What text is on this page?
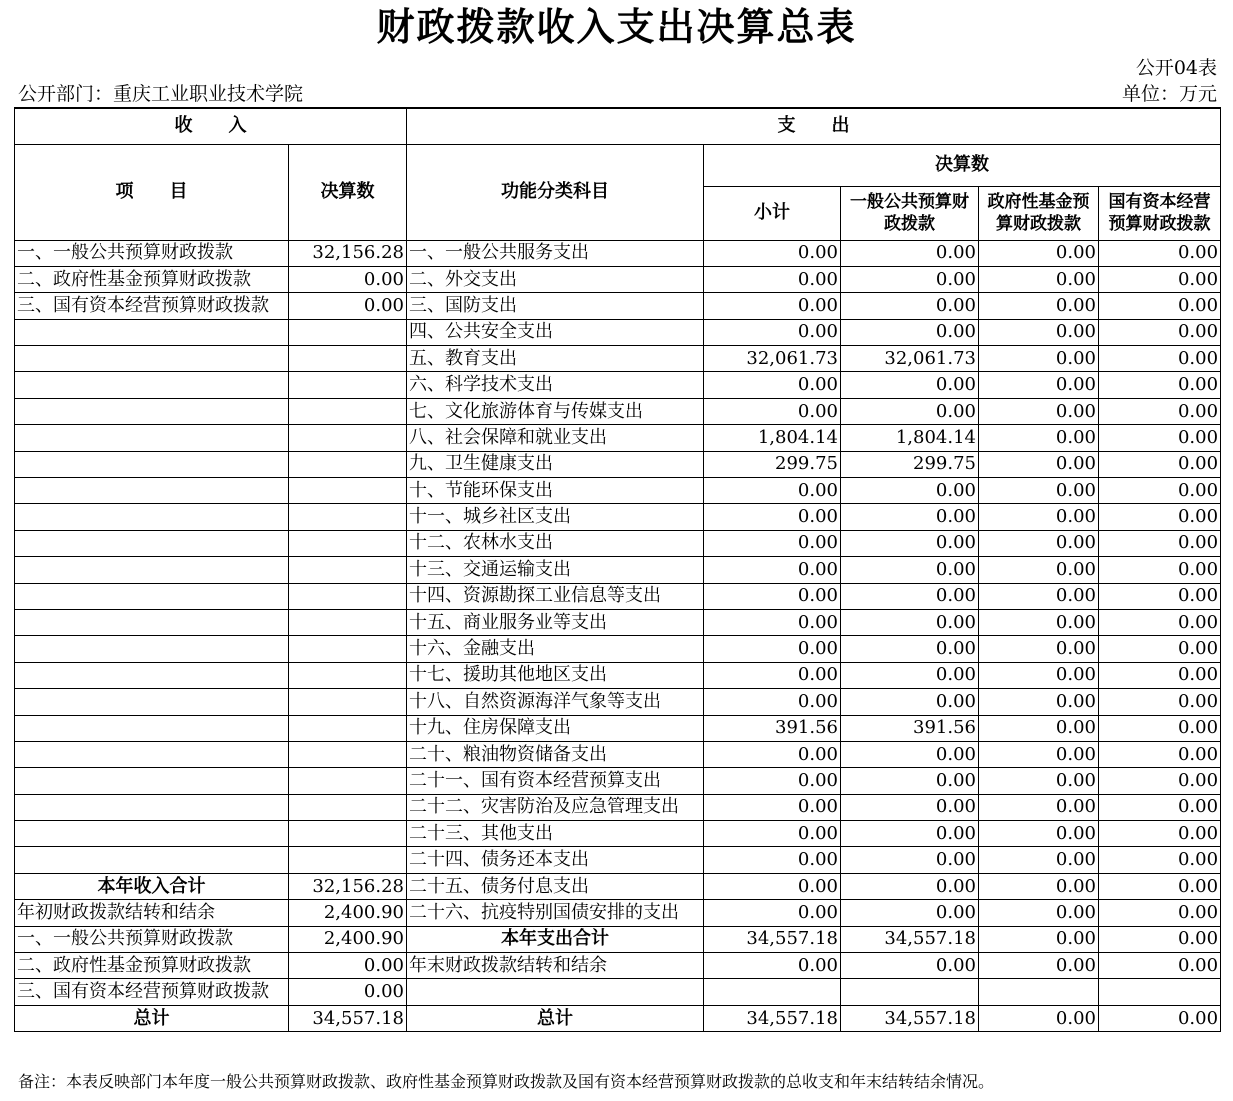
财政拨款收入支出决算总表
公开04表
公开部门：重庆工业职业技术学院	单位：万元
收　　入		支　　出				
项　　目	决算数	功能分类科目	决算数			
			小计	一般公共预算财政拨款	政府性基金预算财政拨款	国有资本经营预算财政拨款
一、一般公共预算财政拨款	32,156.28	一、一般公共服务支出	0.00	0.00	0.00	0.00
二、政府性基金预算财政拨款	0.00	二、外交支出	0.00	0.00	0.00	0.00
三、国有资本经营预算财政拨款	0.00	三、国防支出	0.00	0.00	0.00	0.00
		四、公共安全支出	0.00	0.00	0.00	0.00
		五、教育支出	32,061.73	32,061.73	0.00	0.00
		六、科学技术支出	0.00	0.00	0.00	0.00
		七、文化旅游体育与传媒支出	0.00	0.00	0.00	0.00
		八、社会保障和就业支出	1,804.14	1,804.14	0.00	0.00
		九、卫生健康支出	299.75	299.75	0.00	0.00
		十、节能环保支出	0.00	0.00	0.00	0.00
		十一、城乡社区支出	0.00	0.00	0.00	0.00
		十二、农林水支出	0.00	0.00	0.00	0.00
		十三、交通运输支出	0.00	0.00	0.00	0.00
		十四、资源勘探工业信息等支出	0.00	0.00	0.00	0.00
		十五、商业服务业等支出	0.00	0.00	0.00	0.00
		十六、金融支出	0.00	0.00	0.00	0.00
		十七、援助其他地区支出	0.00	0.00	0.00	0.00
		十八、自然资源海洋气象等支出	0.00	0.00	0.00	0.00
		十九、住房保障支出	391.56	391.56	0.00	0.00
		二十、粮油物资储备支出	0.00	0.00	0.00	0.00
		二十一、国有资本经营预算支出	0.00	0.00	0.00	0.00
		二十二、灾害防治及应急管理支出	0.00	0.00	0.00	0.00
		二十三、其他支出	0.00	0.00	0.00	0.00
		二十四、债务还本支出	0.00	0.00	0.00	0.00
本年收入合计	32,156.28	二十五、债务付息支出	0.00	0.00	0.00	0.00
年初财政拨款结转和结余	2,400.90	二十六、抗疫特别国债安排的支出	0.00	0.00	0.00	0.00
一、一般公共预算财政拨款	2,400.90	本年支出合计	34,557.18	34,557.18	0.00	0.00
二、政府性基金预算财政拨款	0.00	年末财政拨款结转和结余	0.00	0.00	0.00	0.00
三、国有资本经营预算财政拨款	0.00					
总计	34,557.18	总计	34,557.18	34,557.18	0.00	0.00
备注：本表反映部门本年度一般公共预算财政拨款、政府性基金预算财政拨款及国有资本经营预算财政拨款的总收支和年末结转结余情况。
